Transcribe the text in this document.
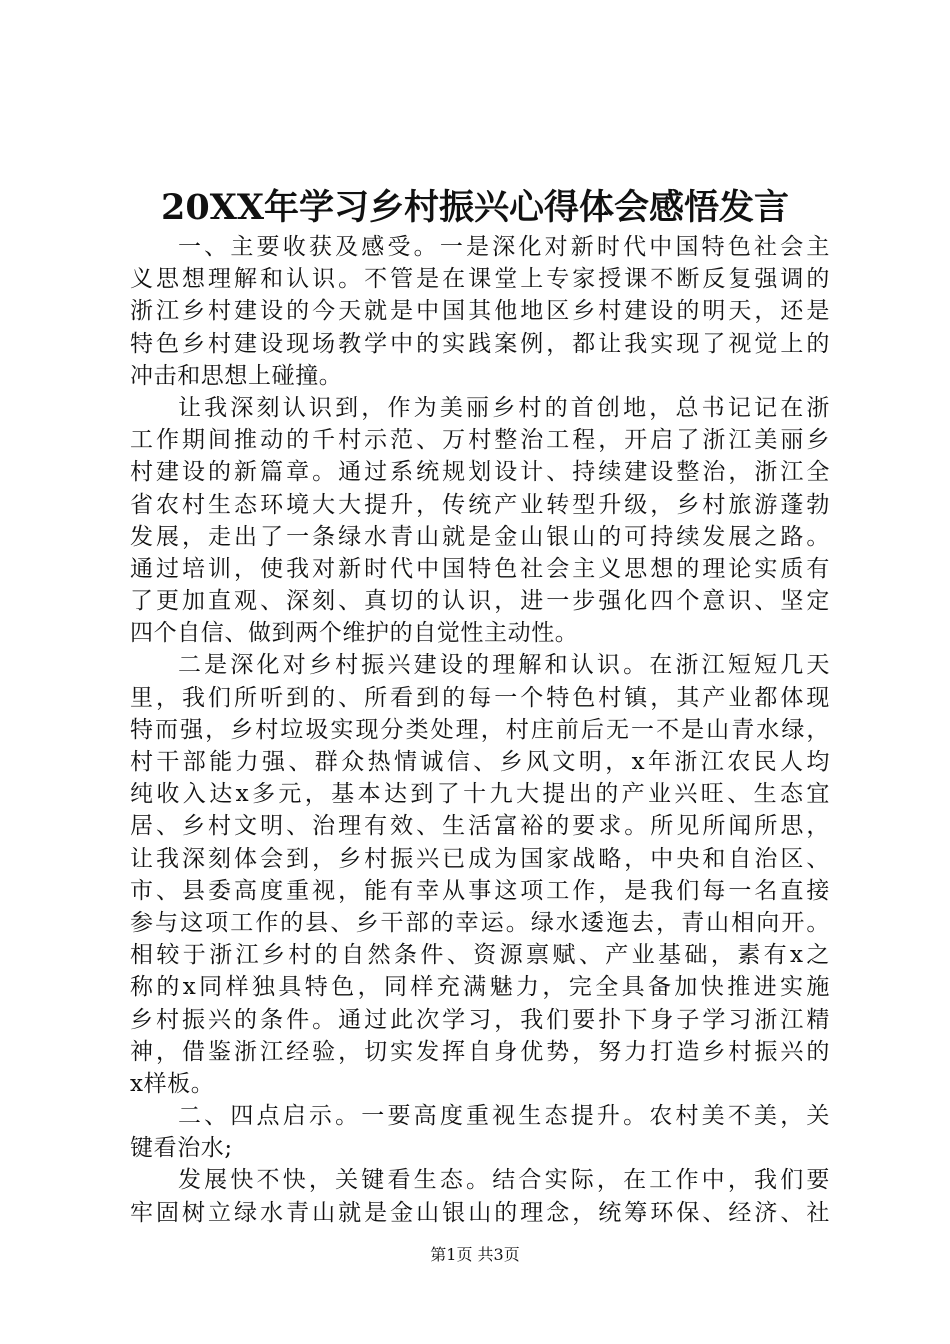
20XX年学习乡村振兴心得体会感悟发言
一、主要收获及感受。一是深化对新时代中国特色社会主
义思想理解和认识。不管是在课堂上专家授课不断反复强调的
浙江乡村建设的今天就是中国其他地区乡村建设的明天，还是
特色乡村建设现场教学中的实践案例，都让我实现了视觉上的
冲击和思想上碰撞。
让我深刻认识到，作为美丽乡村的首创地，总书记记在浙
工作期间推动的千村示范、万村整治工程，开启了浙江美丽乡
村建设的新篇章。通过系统规划设计、持续建设整治，浙江全
省农村生态环境大大提升，传统产业转型升级，乡村旅游蓬勃
发展，走出了一条绿水青山就是金山银山的可持续发展之路。
通过培训，使我对新时代中国特色社会主义思想的理论实质有
了更加直观、深刻、真切的认识，进一步强化四个意识、坚定
四个自信、做到两个维护的自觉性主动性。
二是深化对乡村振兴建设的理解和认识。在浙江短短几天
里，我们所听到的、所看到的每一个特色村镇，其产业都体现
特而强，乡村垃圾实现分类处理，村庄前后无一不是山青水绿，
村干部能力强、群众热情诚信、乡风文明，x年浙江农民人均
纯收入达x多元，基本达到了十九大提出的产业兴旺、生态宜
居、乡村文明、治理有效、生活富裕的要求。所见所闻所思，
让我深刻体会到，乡村振兴已成为国家战略，中央和自治区、
市、县委高度重视，能有幸从事这项工作，是我们每一名直接
参与这项工作的县、乡干部的幸运。绿水逶迤去，青山相向开。
相较于浙江乡村的自然条件、资源禀赋、产业基础，素有x之
称的x同样独具特色，同样充满魅力，完全具备加快推进实施
乡村振兴的条件。通过此次学习，我们要扑下身子学习浙江精
神，借鉴浙江经验，切实发挥自身优势，努力打造乡村振兴的
x样板。
二、四点启示。一要高度重视生态提升。农村美不美，关
键看治水;
发展快不快，关键看生态。结合实际，在工作中，我们要
牢固树立绿水青山就是金山银山的理念，统筹环保、经济、社
第1页 共3页
